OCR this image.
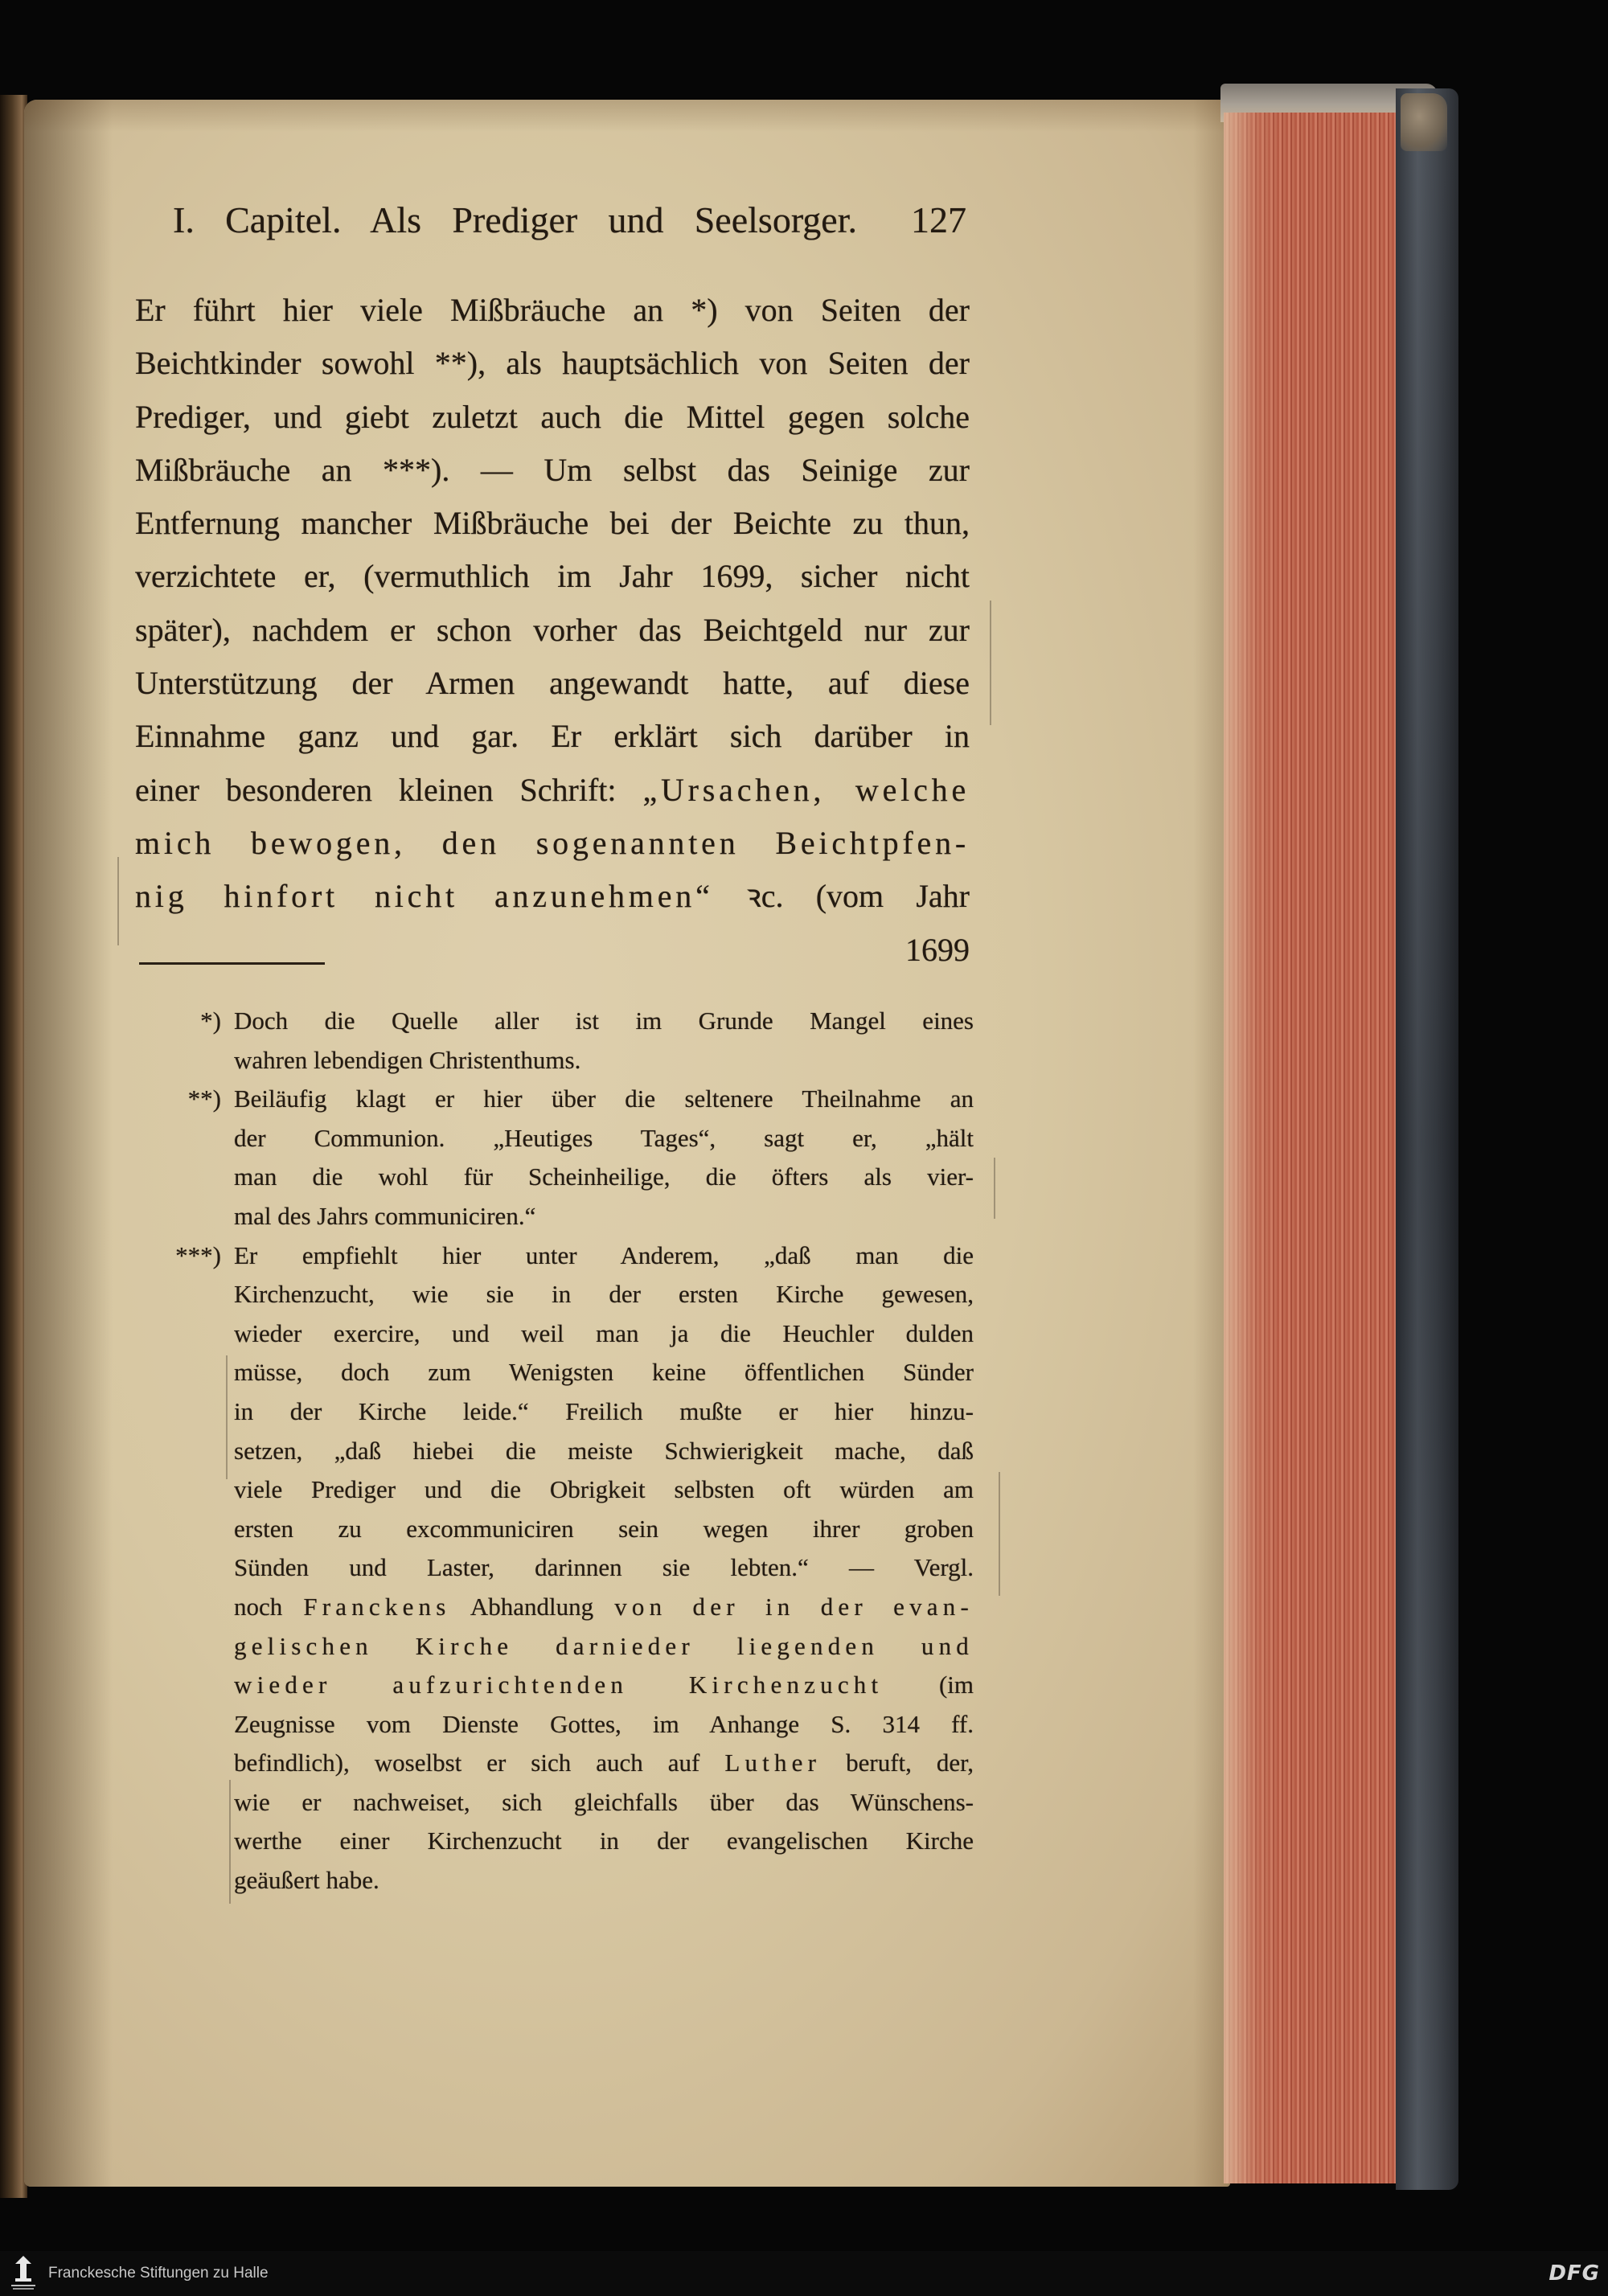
I. Capitel. Als Prediger und Seelsorger.	127
Er führt hier viele Mißbräuche an *) von Seiten der
Beichtkinder sowohl **), als hauptsächlich von Seiten der
Prediger, und giebt zuletzt auch die Mittel gegen solche
Mißbräuche an ***). — Um selbst das Seinige zur
Entfernung mancher Mißbräuche bei der Beichte zu thun,
verzichtete er, (vermuthlich im Jahr 1699, sicher nicht
später), nachdem er schon vorher das Beichtgeld nur zur
Unterstützung der Armen angewandt hatte, auf diese
Einnahme ganz und gar. Er erklärt sich darüber in
einer besonderen kleinen Schrift: „Ursachen, welche
mich bewogen, den sogenannten Beichtpfen-
nig hinfort nicht anzunehmen“ ꝛc. (vom Jahr
1699
*) Doch die Quelle aller ist im Grunde Mangel eines
wahren lebendigen Christenthums.
**) Beiläufig klagt er hier über die seltenere Theilnahme an
der Communion. „Heutiges Tages“, sagt er, „hält
man die wohl für Scheinheilige, die öfters als vier-
mal des Jahrs communiciren.“
***) Er empfiehlt hier unter Anderem, „daß man die
Kirchenzucht, wie sie in der ersten Kirche gewesen,
wieder exercire, und weil man ja die Heuchler dulden
müsse, doch zum Wenigsten keine öffentlichen Sünder
in der Kirche leide.“ Freilich mußte er hier hinzu-
setzen, „daß hiebei die meiste Schwierigkeit mache, daß
viele Prediger und die Obrigkeit selbsten oft würden am
ersten zu excommuniciren sein wegen ihrer groben
Sünden und Laster, darinnen sie lebten.“ — Vergl.
noch Franckens Abhandlung von der in der evan-
gelischen Kirche darnieder liegenden und
wieder aufzurichtenden Kirchenzucht (im
Zeugnisse vom Dienste Gottes, im Anhange S. 314 ff.
befindlich), woselbst er sich auch auf Luther beruft, der,
wie er nachweiset, sich gleichfalls über das Wünschens-
werthe einer Kirchenzucht in der evangelischen Kirche
geäußert habe.
Franckesche Stiftungen zu Halle	DFG
